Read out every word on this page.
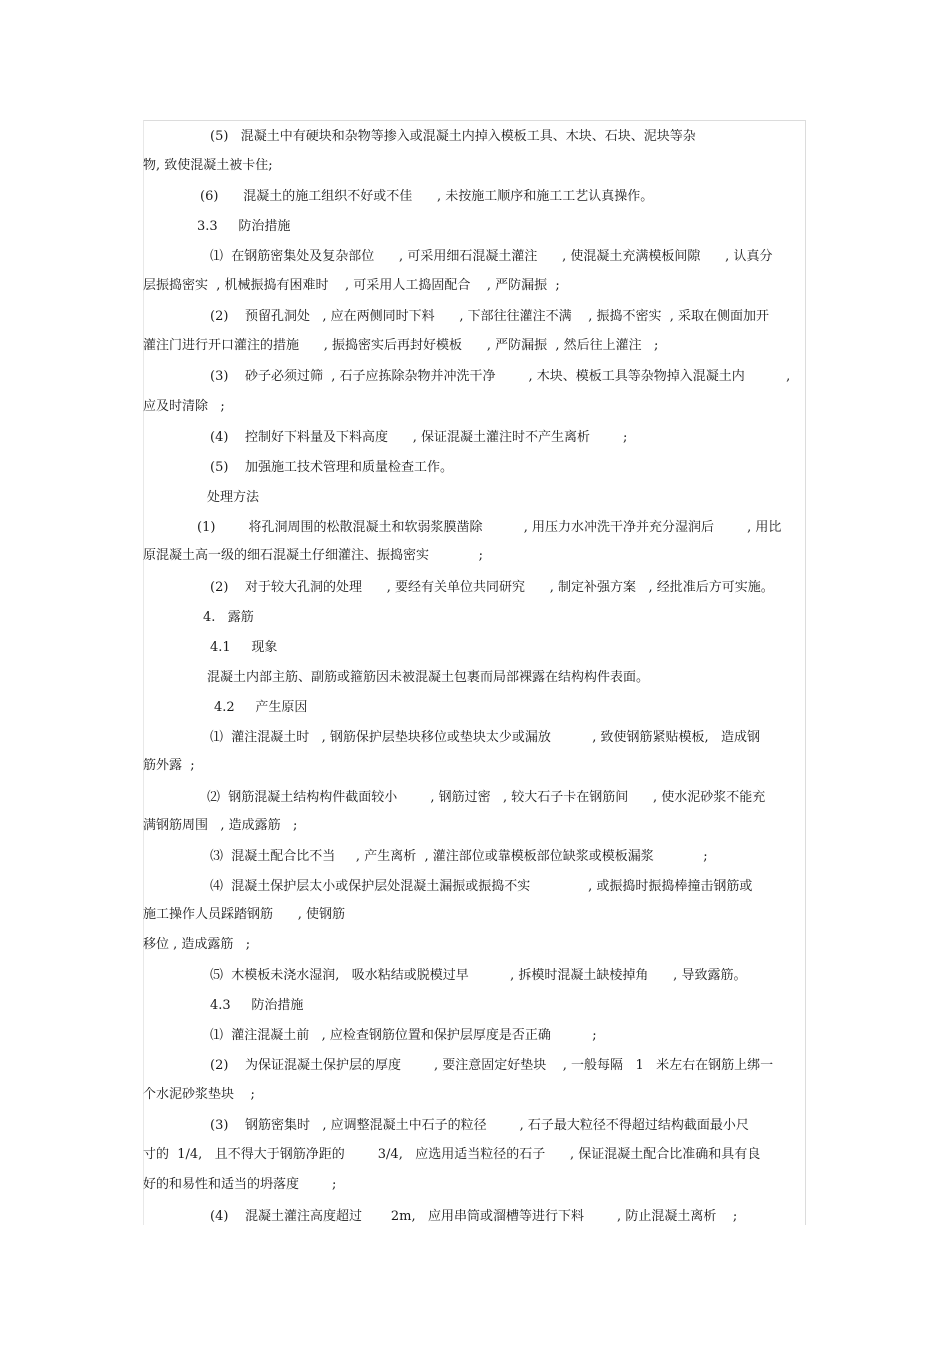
(5)   混凝土中有硬块和杂物等掺入或混凝土内掉入模板工具、木块、石块、泥块等杂
物, 致使混凝土被卡住;
(6)      混凝土的施工组织不好或不佳      , 未按施工顺序和施工工艺认真操作。
3.3     防治措施
⑴  在钢筋密集处及复杂部位      , 可采用细石混凝土灌注      , 使混凝土充满模板间隙      , 认真分
层振捣密实  , 机械振捣有困难时    , 可采用人工捣固配合    , 严防漏振  ;
(2)    预留孔洞处   , 应在两侧同时下料      , 下部往往灌注不满    , 振捣不密实  , 采取在侧面加开
灌注门进行开口灌注的措施      , 振捣密实后再封好模板      , 严防漏振  , 然后往上灌注   ;
(3)    砂子必须过筛  , 石子应拣除杂物并冲洗干净        , 木块、模板工具等杂物掉入混凝土内          ,
应及时清除   ;
(4)    控制好下料量及下料高度      , 保证混凝土灌注时不产生离析        ;
(5)    加强施工技术管理和质量检查工作。
处理方法
(1)        将孔洞周围的松散混凝土和软弱浆膜凿除          , 用压力水冲洗干净并充分湿润后        , 用比
原混凝土高一级的细石混凝土仔细灌注、振捣密实            ;
(2)    对于较大孔洞的处理      , 要经有关单位共同研究      , 制定补强方案   , 经批准后方可实施。
4.   露筋
4.1     现象
混凝土内部主筋、副筋或箍筋因未被混凝土包裹而局部裸露在结构构件表面。
4.2     产生原因
⑴  灌注混凝土时   , 钢筋保护层垫块移位或垫块太少或漏放          , 致使钢筋紧贴模板,   造成钢
筋外露  ;
⑵  钢筋混凝土结构构件截面较小        , 钢筋过密   , 较大石子卡在钢筋间      , 使水泥砂浆不能充
满钢筋周围   , 造成露筋   ;
⑶  混凝土配合比不当     , 产生离析  , 灌注部位或靠模板部位缺浆或模板漏浆            ;
⑷  混凝土保护层太小或保护层处混凝土漏振或振捣不实              , 或振捣时振捣棒撞击钢筋或
施工操作人员踩踏钢筋      , 使钢筋
移位 , 造成露筋   ;
⑸  木模板未浇水湿润,   吸水粘结或脱模过早          , 拆模时混凝土缺棱掉角      , 导致露筋。
4.3     防治措施
⑴  灌注混凝土前   , 应检查钢筋位置和保护层厚度是否正确          ;
(2)    为保证混凝土保护层的厚度        , 要注意固定好垫块    , 一般每隔   1   米左右在钢筋上绑一
个水泥砂浆垫块    ;
(3)    钢筋密集时   , 应调整混凝土中石子的粒径        , 石子最大粒径不得超过结构截面最小尺
寸的  1/4,   且不得大于钢筋净距的        3/4,   应选用适当粒径的石子      , 保证混凝土配合比准确和具有良
好的和易性和适当的坍落度        ;
(4)    混凝土灌注高度超过       2m,   应用串筒或溜槽等进行下料        , 防止混凝土离析    ;
